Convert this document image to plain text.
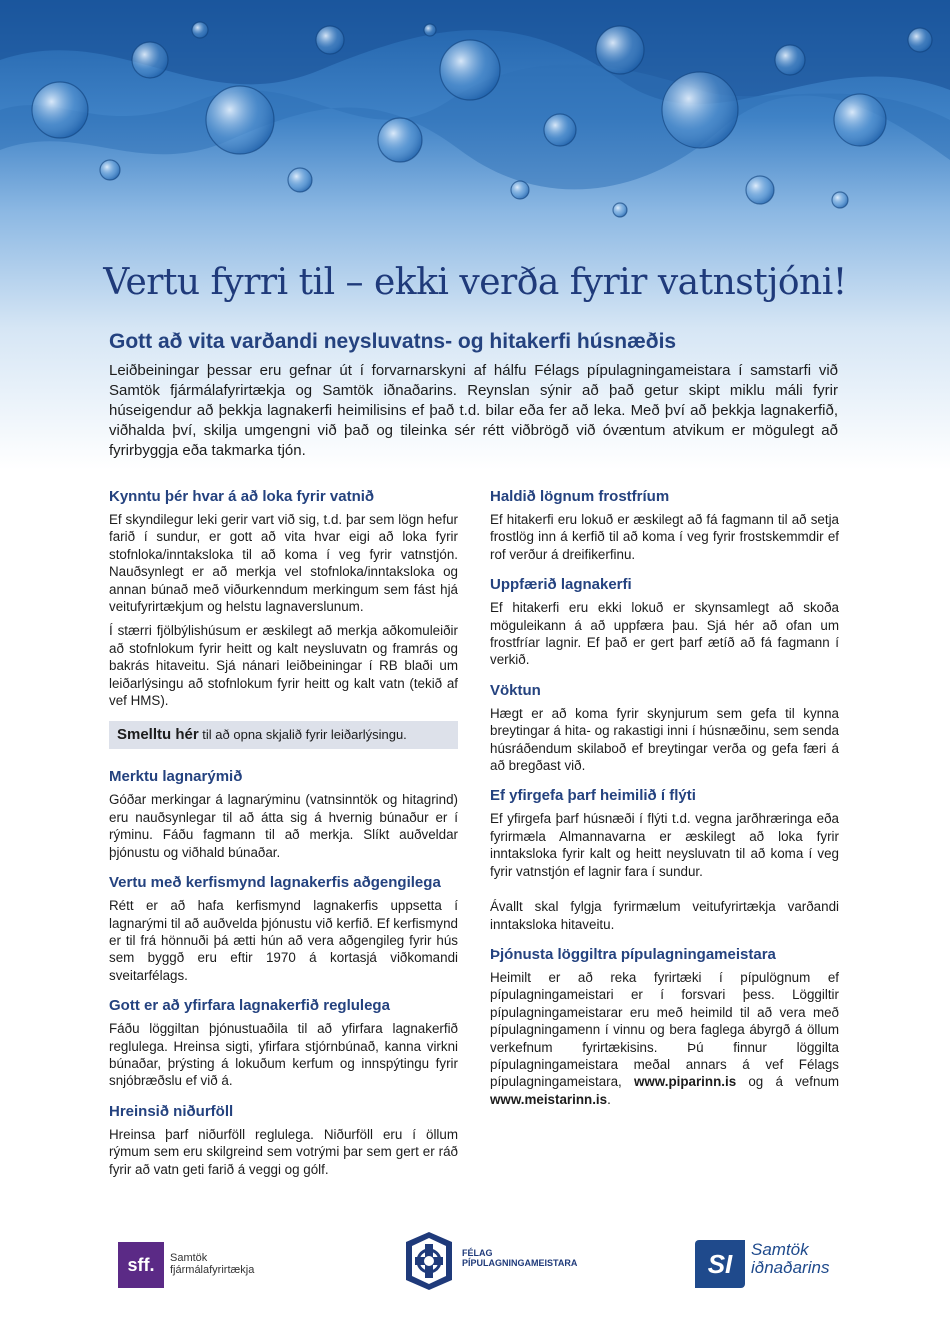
Vertu fyrri til – ekki verða fyrir vatnstjóni!
Gott að vita varðandi neysluvatns- og hitakerfi húsnæðis

Leiðbeiningar þessar eru gefnar út í forvarnarskyni af hálfu Félags pípulagningameistara í samstarfi við Samtök fjármálafyrirtækja og Samtök iðnaðarins. Reynslan sýnir að það getur skipt miklu máli fyrir húseigendur að þekkja lagnakerfi heimilisins ef það t.d. bilar eða fer að leka. Með því að þekkja lagnakerfið, viðhalda því, skilja umgengni við það og tileinka sér rétt viðbrögð við óvæntum atvikum er mögulegt að fyrirbyggja eða takmarka tjón.

Kynntu þér hvar á að loka fyrir vatnið

Ef skyndilegur leki gerir vart við sig, t.d. þar sem lögn hefur farið í sundur, er gott að vita hvar eigi að loka fyrir stofnloka/inntaksloka til að koma í veg fyrir vatnstjón. Nauðsynlegt er að merkja vel stofnloka/inntaksloka og annan búnað með viðurkenndum merkingum sem fást hjá veitufyrirtækjum og helstu lagnaverslunum.

Í stærri fjölbýlishúsum er æskilegt að merkja aðkomuleiðir að stofnlokum fyrir heitt og kalt neysluvatn og framrás og bakrás hitaveitu. Sjá nánari leiðbeiningar í RB blaði um leiðarlýsingu að stofnlokum fyrir heitt og kalt vatn (tekið af vef HMS).

Smelltu hér til að opna skjalið fyrir leiðarlýsingu.
Merktu lagnarýmið

Góðar merkingar á lagnarýminu (vatnsinntök og hitagrind) eru nauðsynlegar til að átta sig á hvernig búnaður er í rýminu. Fáðu fagmann til að merkja. Slíkt auðveldar þjónustu og viðhald búnaðar.

Vertu með kerfismynd lagnakerfis aðgengilega

Rétt er að hafa kerfismynd lagnakerfis uppsetta í lagnarými til að auðvelda þjónustu við kerfið. Ef kerfismynd er til frá hönnuði þá ætti hún að vera aðgengileg fyrir hús sem byggð eru eftir 1970 á kortasjá viðkomandi sveitarfélags.

Gott er að yfirfara lagnakerfið reglulega

Fáðu löggiltan þjónustuaðila til að yfirfara lagnakerfið reglulega. Hreinsa sigti, yfirfara stjórnbúnað, kanna virkni búnaðar, þrýsting á lokuðum kerfum og innspýtingu fyrir snjóbræðslu ef við á.

Hreinsið niðurföll

Hreinsa þarf niðurföll reglulega. Niðurföll eru í öllum rýmum sem eru skilgreind sem votrými þar sem gert er ráð fyrir að vatn geti farið á veggi og gólf.

Haldið lögnum frostfríum

Ef hitakerfi eru lokuð er æskilegt að fá fagmann til að setja frostlög inn á kerfið til að koma í veg fyrir frostskemmdir ef rof verður á dreifikerfinu.

Uppfærið lagnakerfi

Ef hitakerfi eru ekki lokuð er skynsamlegt að skoða möguleikann á að uppfæra þau. Sjá hér að ofan um frostfríar lagnir. Ef það er gert þarf ætíð að fá fagmann í verkið.

Vöktun

Hægt er að koma fyrir skynjurum sem gefa til kynna breytingar á hita- og rakastigi inni í húsnæðinu, sem senda húsráðendum skilaboð ef breytingar verða og gefa færi á að bregðast við.

Ef yfirgefa þarf heimilið í flýti

Ef yfirgefa þarf húsnæði í flýti t.d. vegna jarðhræringa eða fyrirmæla Almannavarna er æskilegt að loka fyrir inntaksloka fyrir kalt og heitt neysluvatn til að koma í veg fyrir vatnstjón ef lagnir fara í sundur.

Ávallt skal fylgja fyrirmælum veitufyrirtækja varðandi inntaksloka hitaveitu.

Þjónusta löggiltra pípulagningameistara

Heimilt er að reka fyrirtæki í pípulögnum ef pípulagningameistari er í forsvari þess. Löggiltir pípulagningameistarar eru með heimild til að vera með pípulagningamenn í vinnu og bera faglega ábyrgð á öllum verkefnum fyrirtækisins. Þú finnur löggilta pípulagningameistara meðal annars á vef Félags pípulagningameistara, www.piparinn.is og á vefnum www.meistarinn.is.

sff.	Samtök
fjármálafyrirtækja
FÉLAG
PÍPULAGNINGAMEISTARA	SI	Samtök
iðnaðarins
